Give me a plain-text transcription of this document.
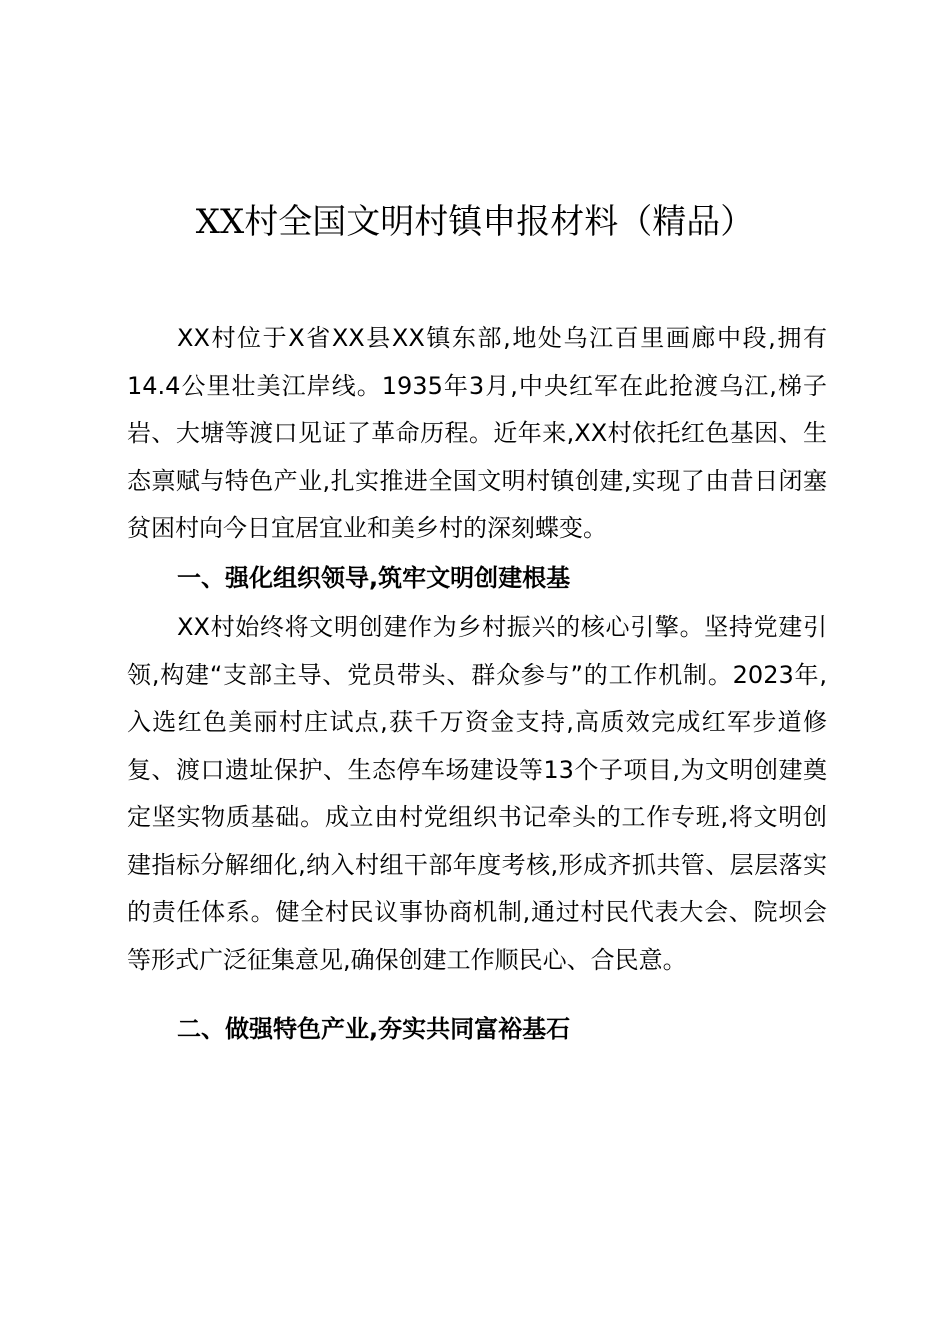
XX村全国文明村镇申报材料（精品）

XX村位于X省XX县XX镇东部,地处乌江百里画廊中段,拥有14.4公里壮美江岸线。1935年3月,中央红军在此抢渡乌江,梯子岩、大塘等渡口见证了革命历程。近年来,XX村依托红色基因、生态禀赋与特色产业,扎实推进全国文明村镇创建,实现了由昔日闭塞贫困村向今日宜居宜业和美乡村的深刻蝶变。

一、强化组织领导,筑牢文明创建根基

XX村始终将文明创建作为乡村振兴的核心引擎。坚持党建引领,构建“支部主导、党员带头、群众参与”的工作机制。2023年,入选红色美丽村庄试点,获千万资金支持,高质效完成红军步道修复、渡口遗址保护、生态停车场建设等13个子项目,为文明创建奠定坚实物质基础。成立由村党组织书记牵头的工作专班,将文明创建指标分解细化,纳入村组干部年度考核,形成齐抓共管、层层落实的责任体系。健全村民议事协商机制,通过村民代表大会、院坝会等形式广泛征集意见,确保创建工作顺民心、合民意。

二、做强特色产业,夯实共同富裕基石
